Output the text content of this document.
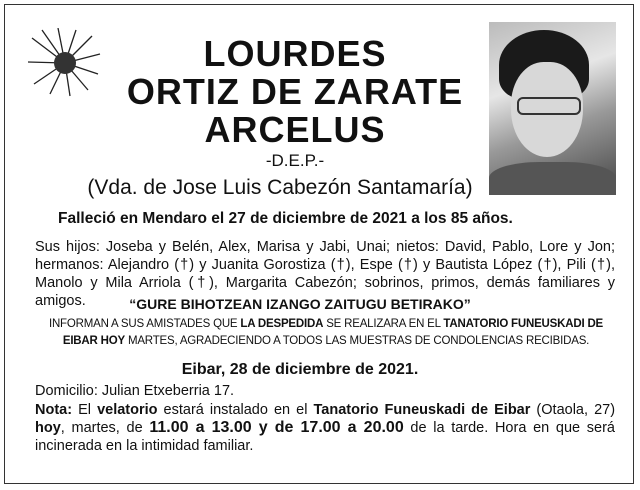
LOURDES
ORTIZ DE ZARATE
ARCELUS
-D.E.P.-
(Vda. de Jose Luis Cabezón Santamaría)
Falleció en Mendaro el 27 de diciembre de 2021 a los 85 años.
Sus hijos: Joseba y Belén, Alex, Marisa y Jabi, Unai; nietos: David, Pablo, Lore y Jon; hermanos: Alejandro (†) y Juanita Gorostiza (†), Espe (†) y Bautista López (†), Pili (†), Manolo y Mila Arriola (†), Margarita Cabezón; sobrinos, primos, demás familiares y amigos.	“GURE BIHOTZEAN IZANGO ZAITUGU BETIRAKO”
INFORMAN A SUS AMISTADES QUE LA DESPEDIDA SE REALIZARA EN EL TANATORIO FUNEUSKADI DE EIBAR HOY MARTES, AGRADECIENDO A TODOS LAS MUESTRAS DE CONDOLENCIAS RECIBIDAS.
Eibar, 28 de diciembre de 2021.
Domicilio: Julian Etxeberria 17.
Nota: El velatorio estará instalado en el Tanatorio Funeuskadi de Eibar (Otaola, 27) hoy, martes, de 11.00 a 13.00 y de 17.00 a 20.00 de la tarde. Hora en que será incinerada en la intimidad familiar.
